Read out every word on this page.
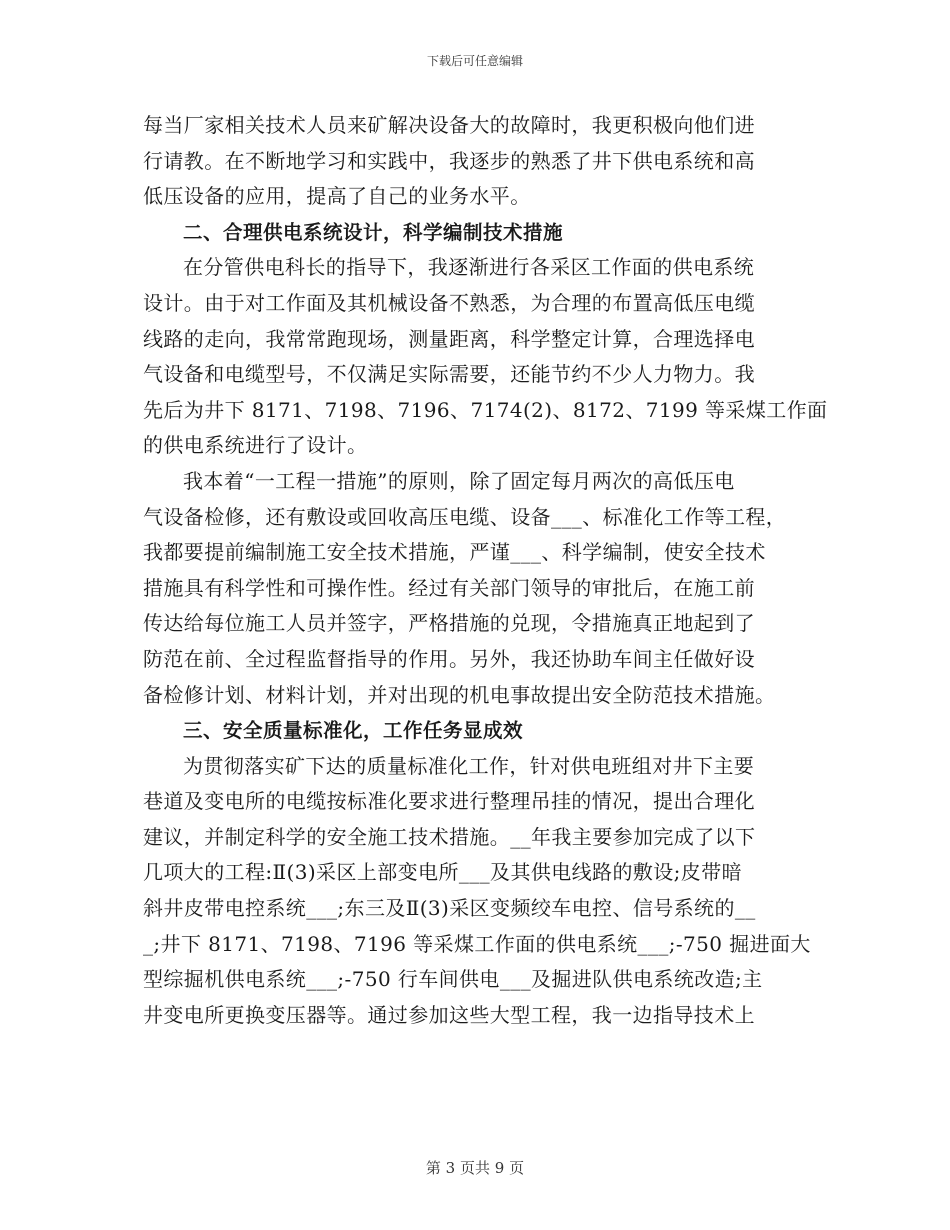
下载后可任意编辑
每当厂家相关技术人员来矿解决设备大的故障时，我更积极向他们进
行请教。在不断地学习和实践中，我逐步的熟悉了井下供电系统和高
低压设备的应用，提高了自己的业务水平。
二、合理供电系统设计，科学编制技术措施
在分管供电科长的指导下，我逐渐进行各采区工作面的供电系统
设计。由于对工作面及其机械设备不熟悉，为合理的布置高低压电缆
线路的走向，我常常跑现场，测量距离，科学整定计算，合理选择电
气设备和电缆型号，不仅满足实际需要，还能节约不少人力物力。我
先后为井下 8171、7198、7196、7174(2)、8172、7199 等采煤工作面
的供电系统进行了设计。
我本着“一工程一措施”的原则，除了固定每月两次的高低压电
气设备检修，还有敷设或回收高压电缆、设备___、标准化工作等工程，
我都要提前编制施工安全技术措施，严谨___、科学编制，使安全技术
措施具有科学性和可操作性。经过有关部门领导的审批后，在施工前
传达给每位施工人员并签字，严格措施的兑现，令措施真正地起到了
防范在前、全过程监督指导的作用。另外，我还协助车间主任做好设
备检修计划、材料计划，并对出现的机电事故提出安全防范技术措施。
三、安全质量标准化，工作任务显成效
为贯彻落实矿下达的质量标准化工作，针对供电班组对井下主要
巷道及变电所的电缆按标准化要求进行整理吊挂的情况，提出合理化
建议，并制定科学的安全施工技术措施。__年我主要参加完成了以下
几项大的工程:Ⅱ(3)采区上部变电所___及其供电线路的敷设;皮带暗
斜井皮带电控系统___;东三及Ⅱ(3)采区变频绞车电控、信号系统的__
_;井下 8171、7198、7196 等采煤工作面的供电系统___;-750 掘进面大
型综掘机供电系统___;-750 行车间供电___及掘进队供电系统改造;主
井变电所更换变压器等。通过参加这些大型工程，我一边指导技术上
第 3 页共 9 页
